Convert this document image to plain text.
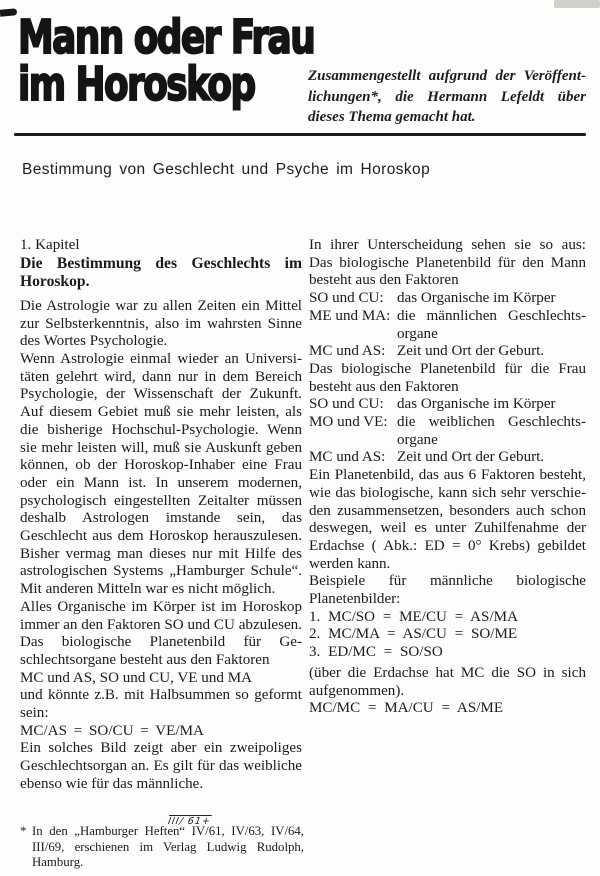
Mann oder Frau
im Horoskop	Zusammengestellt aufgrund der Veröffentlichungen*, die Hermann Lefeldt über dieses Thema gemacht hat.

Bestimmung von Geschlecht und Psyche im Horoskop

1. Kapitel

Die Bestimmung des Geschlechts im Horoskop.

Die Astrologie war zu allen Zeiten ein Mittel zur Selbsterkenntnis, also im wahrsten Sinne des Wortes Psychologie.

Wenn Astrologie einmal wieder an Universitäten gelehrt wird, dann nur in dem Bereich Psychologie, der Wissenschaft der Zukunft. Auf diesem Gebiet muß sie mehr leisten, als die bisherige Hochschul-Psychologie. Wenn sie mehr leisten will, muß sie Auskunft geben können, ob der Horoskop-Inhaber eine Frau oder ein Mann ist. In unserem modernen, psychologisch eingestellten Zeitalter müssen deshalb Astrologen imstande sein, das Geschlecht aus dem Horoskop herauszulesen. Bisher vermag man dieses nur mit Hilfe des astrologischen Systems „Hamburger Schule“. Mit anderen Mitteln war es nicht möglich.

Alles Organische im Körper ist im Horoskop immer an den Faktoren SO und CU abzulesen. Das biologische Planetenbild für Geschlechtsorgane besteht aus den Faktoren

MC und AS, SO und CU, VE und MA

und könnte z.B. mit Halbsummen so geformt sein:

MC/AS = SO/CU = VE/MA

Ein solches Bild zeigt aber ein zweipoliges Geschlechtsorgan an. Es gilt für das weibliche ebenso wie für das männliche.

*
III/ 61+
In den „Hamburger Heften“ IV/61, IV/63, IV/64, III/69, erschienen im Verlag Ludwig Rudolph, Hamburg.

In ihrer Unterscheidung sehen sie so aus:

Das biologische Planetenbild für den Mann besteht aus den Faktoren

SO und CU: das Organische im Körper
ME und MA: die männlichen Geschlechtsorgane
MC und AS: Zeit und Ort der Geburt.

Das biologische Planetenbild für die Frau besteht aus den Faktoren

SO und CU: das Organische im Körper
MO und VE: die weiblichen Geschlechtsorgane
MC und AS: Zeit und Ort der Geburt.

Ein Planetenbild, das aus 6 Faktoren besteht, wie das biologische, kann sich sehr verschieden zusammensetzen, besonders auch schon deswegen, weil es unter Zuhilfenahme der Erdachse ( Abk.: ED = 0° Krebs) gebildet werden kann.

Beispiele für männliche biologische Planetenbilder:

1. MC/SO = ME/CU = AS/MA

2. MC/MA = AS/CU = SO/ME

3. ED/MC = SO/SO

(über die Erdachse hat MC die SO in sich aufgenommen).

MC/MC = MA/CU = AS/ME
